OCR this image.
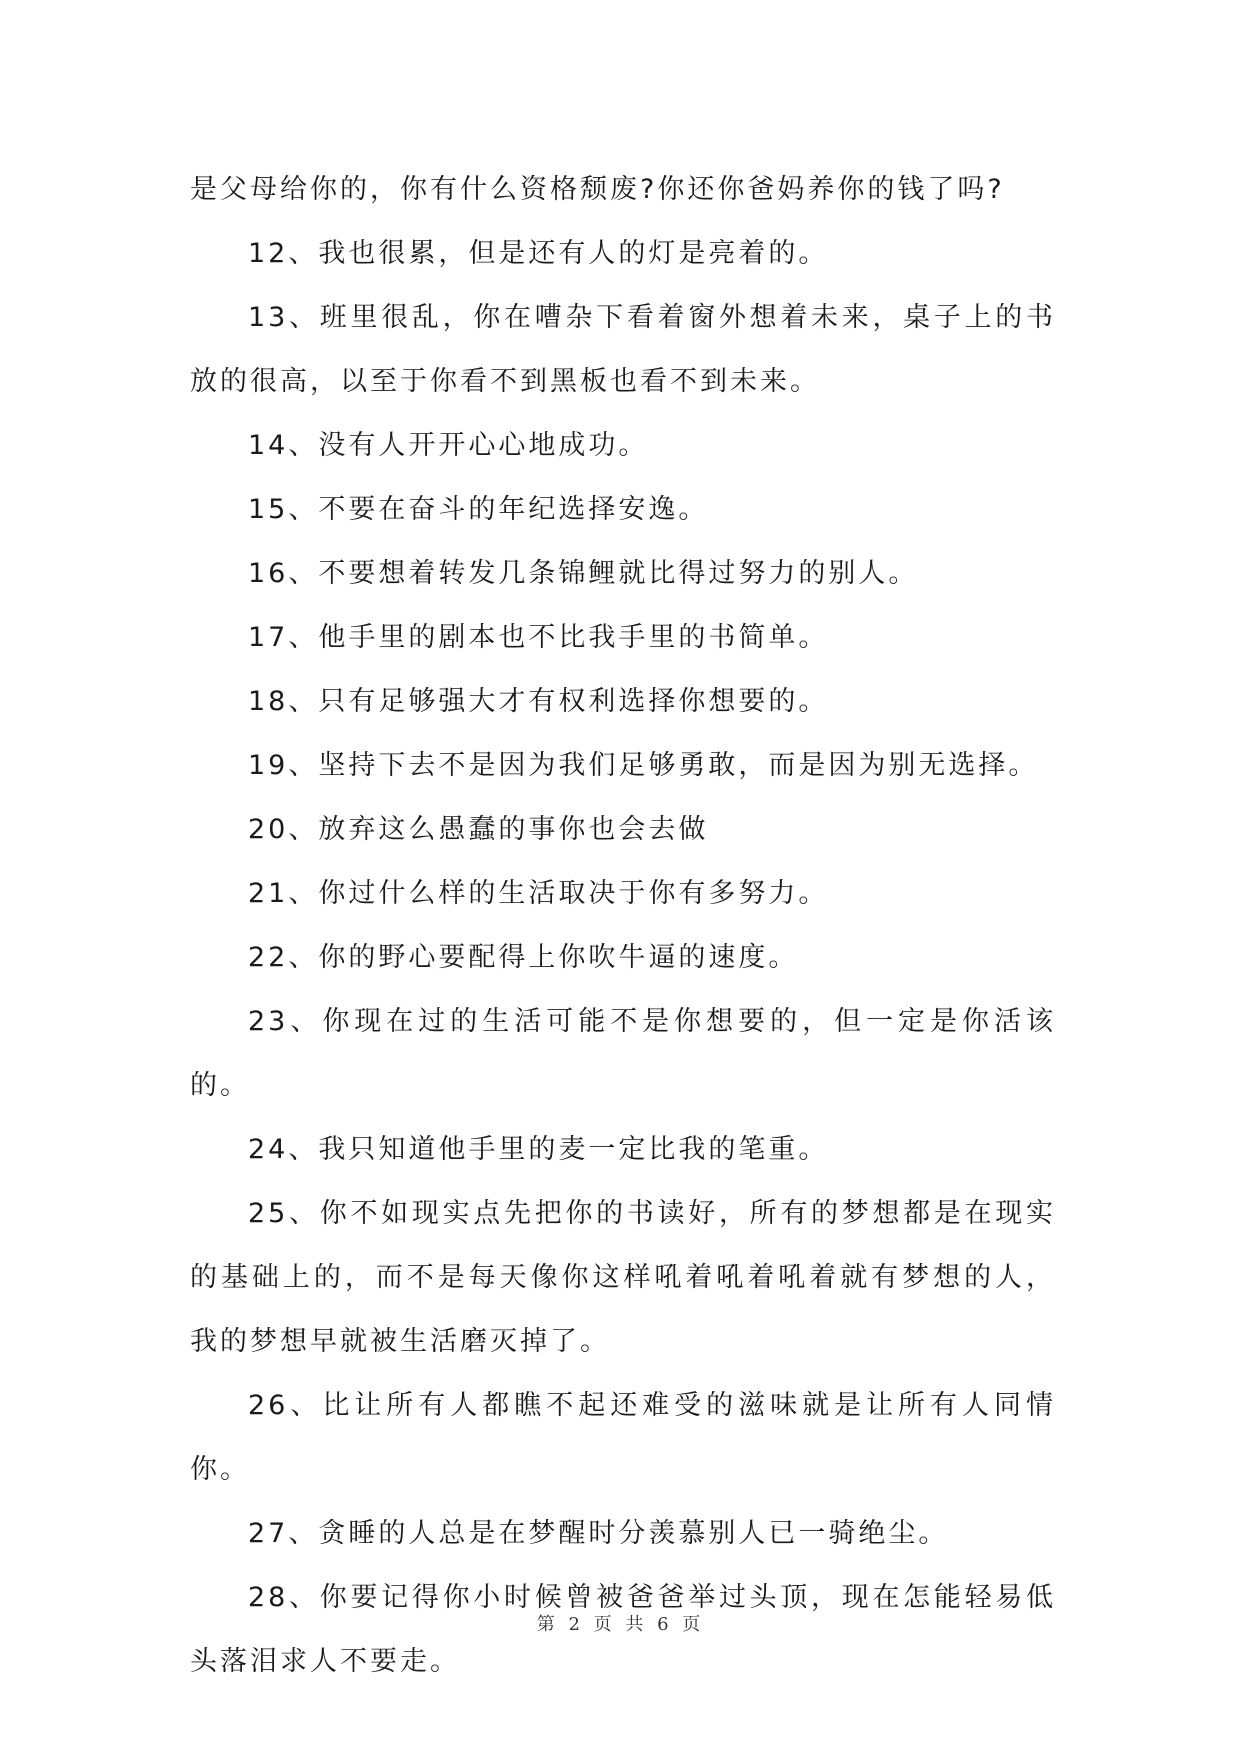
是父母给你的，你有什么资格颓废?你还你爸妈养你的钱了吗?

12、我也很累，但是还有人的灯是亮着的。

13、班里很乱，你在嘈杂下看着窗外想着未来，桌子上的书放的很高，以至于你看不到黑板也看不到未来。

14、没有人开开心心地成功。

15、不要在奋斗的年纪选择安逸。

16、不要想着转发几条锦鲤就比得过努力的别人。

17、他手里的剧本也不比我手里的书简单。

18、只有足够强大才有权利选择你想要的。

19、坚持下去不是因为我们足够勇敢，而是因为别无选择。

20、放弃这么愚蠢的事你也会去做

21、你过什么样的生活取决于你有多努力。

22、你的野心要配得上你吹牛逼的速度。

23、你现在过的生活可能不是你想要的，但一定是你活该的。

24、我只知道他手里的麦一定比我的笔重。

25、你不如现实点先把你的书读好，所有的梦想都是在现实的基础上的，而不是每天像你这样吼着吼着吼着就有梦想的人，我的梦想早就被生活磨灭掉了。

26、比让所有人都瞧不起还难受的滋味就是让所有人同情你。

27、贪睡的人总是在梦醒时分羡慕别人已一骑绝尘。

28、你要记得你小时候曾被爸爸举过头顶，现在怎能轻易低头落泪求人不要走。

第 2 页 共 6 页
